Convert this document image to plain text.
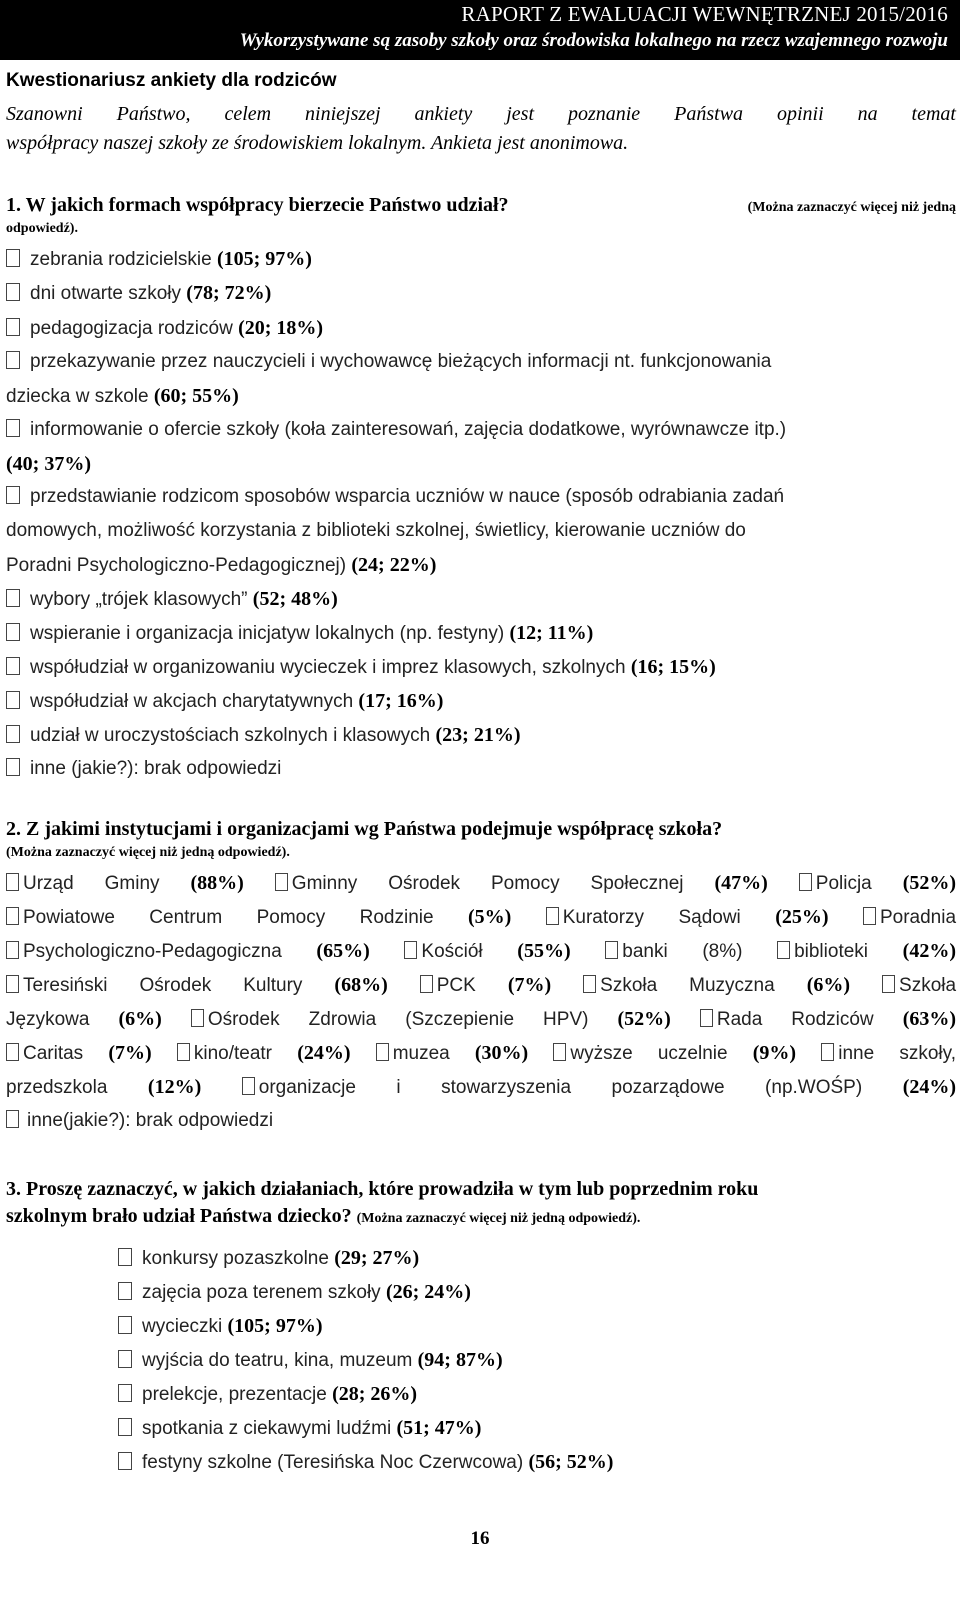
RAPORT Z EWALUACJI WEWNĘTRZNEJ 2015/2016
Wykorzystywane są zasoby szkoły oraz środowiska lokalnego na rzecz wzajemnego rozwoju
Kwestionariusz ankiety dla rodziców
Szanowni Państwo, celem niniejszej ankiety jest poznanie Państwa opinii na temat
współpracy naszej szkoły ze środowiskiem lokalnym. Ankieta jest anonimowa.
1. W jakich formach współpracy bierzecie Państwo udział?	(Można zaznaczyć więcej niż jedną
odpowiedź).
zebrania rodzicielskie (105; 97%)
dni otwarte szkoły (78; 72%)
pedagogizacja rodziców (20; 18%)
przekazywanie przez nauczycieli i wychowawcę bieżących informacji nt. funkcjonowania
dziecka w szkole (60; 55%)
informowanie o ofercie szkoły (koła zainteresowań, zajęcia dodatkowe, wyrównawcze itp.)
(40; 37%)
przedstawianie rodzicom sposobów wsparcia uczniów w nauce (sposób odrabiania zadań
domowych, możliwość korzystania z biblioteki szkolnej, świetlicy, kierowanie uczniów do
Poradni Psychologiczno-Pedagogicznej) (24; 22%)
wybory „trójek klasowych” (52; 48%)
wspieranie i organizacja inicjatyw lokalnych (np. festyny) (12; 11%)
współudział w organizowaniu wycieczek i imprez klasowych, szkolnych (16; 15%)
współudział w akcjach charytatywnych (17; 16%)
udział w uroczystościach szkolnych i klasowych (23; 21%)
inne (jakie?): brak odpowiedzi
2. Z jakimi instytucjami i organizacjami wg Państwa podejmuje współpracę szkoła?
(Można zaznaczyć więcej niż jedną odpowiedź).
Urząd Gminy (88%)	Gminny Ośrodek Pomocy Społecznej (47%)	Policja (52%)
Powiatowe Centrum Pomocy Rodzinie (5%)	Kuratorzy Sądowi (25%)	Poradnia
Psychologiczno-Pedagogiczna (65%)	Kościół (55%)	banki (8%)	biblioteki (42%)
Teresiński Ośrodek Kultury (68%)	PCK (7%)	Szkoła Muzyczna (6%)	Szkoła
Językowa (6%) Ośrodek Zdrowia (Szczepienie HPV) (52%) Rada Rodziców (63%)
Caritas (7%) kino/teatr (24%) muzea (30%) wyższe uczelnie (9%) inne szkoły,
przedszkola (12%)	organizacje i stowarzyszenia pozarządowe (np.WOŚP) (24%)
inne(jakie?): brak odpowiedzi
3. Proszę zaznaczyć, w jakich działaniach, które prowadziła w tym lub poprzednim roku
szkolnym brało udział Państwa dziecko? (Można zaznaczyć więcej niż jedną odpowiedź).
konkursy pozaszkolne (29; 27%)
zajęcia poza terenem szkoły (26; 24%)
wycieczki (105; 97%)
wyjścia do teatru, kina, muzeum (94; 87%)
prelekcje, prezentacje (28; 26%)
spotkania z ciekawymi ludźmi (51; 47%)
festyny szkolne (Teresińska Noc Czerwcowa) (56; 52%)
16
